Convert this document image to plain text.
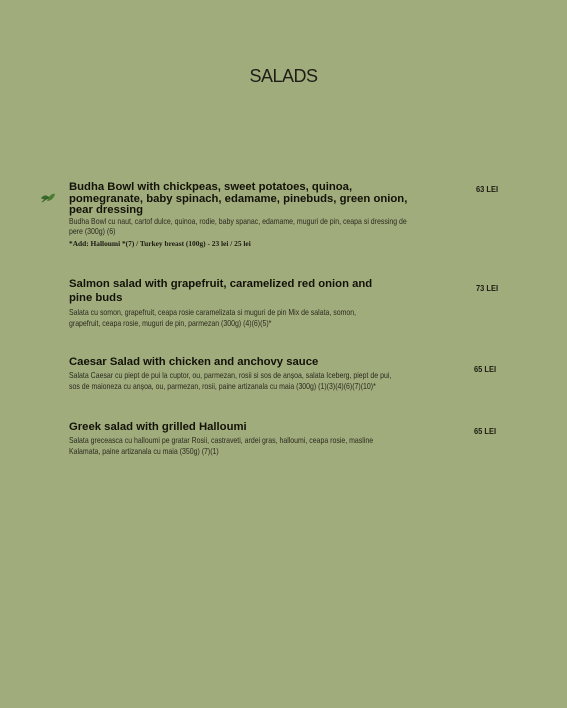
SALADS
Budha Bowl with chickpeas, sweet potatoes, quinoa, pomegranate, baby spinach, edamame, pinebuds, green onion, pear dressing
Budha Bowl cu naut, cartof dulce, quinoa, rodie, baby spanac, edamame, muguri de pin, ceapa si dressing de pere (300g) (6)
*Add: Halloumi *(7) / Turkey breast (100g) - 23 lei / 25 lei
63 LEI
Salmon salad with grapefruit, caramelized red onion and pine buds
Salata cu somon, grapefruit, ceapa rosie caramelizata si muguri de pin Mix de salata, somon, grapefruit, ceapa rosie, muguri de pin, parmezan (300g) (4)(6)(5)*
73 LEI
Caesar Salad with chicken and anchovy sauce
Salata Caesar cu piept de pui la cuptor, ou, parmezan, rosii si sos de anșoa, salata Iceberg, piept de pui, sos de maioneza cu anșoa, ou, parmezan, rosii, paine artizanala cu maia (300g) (1)(3)(4)(6)(7)(10)*
65 LEI
Greek salad with grilled Halloumi
Salata greceasca cu halloumi pe gratar Rosii, castraveti, ardei gras, halloumi, ceapa rosie, masline Kalamata, paine artizanala cu maia (350g) (7)(1)
65 LEI
